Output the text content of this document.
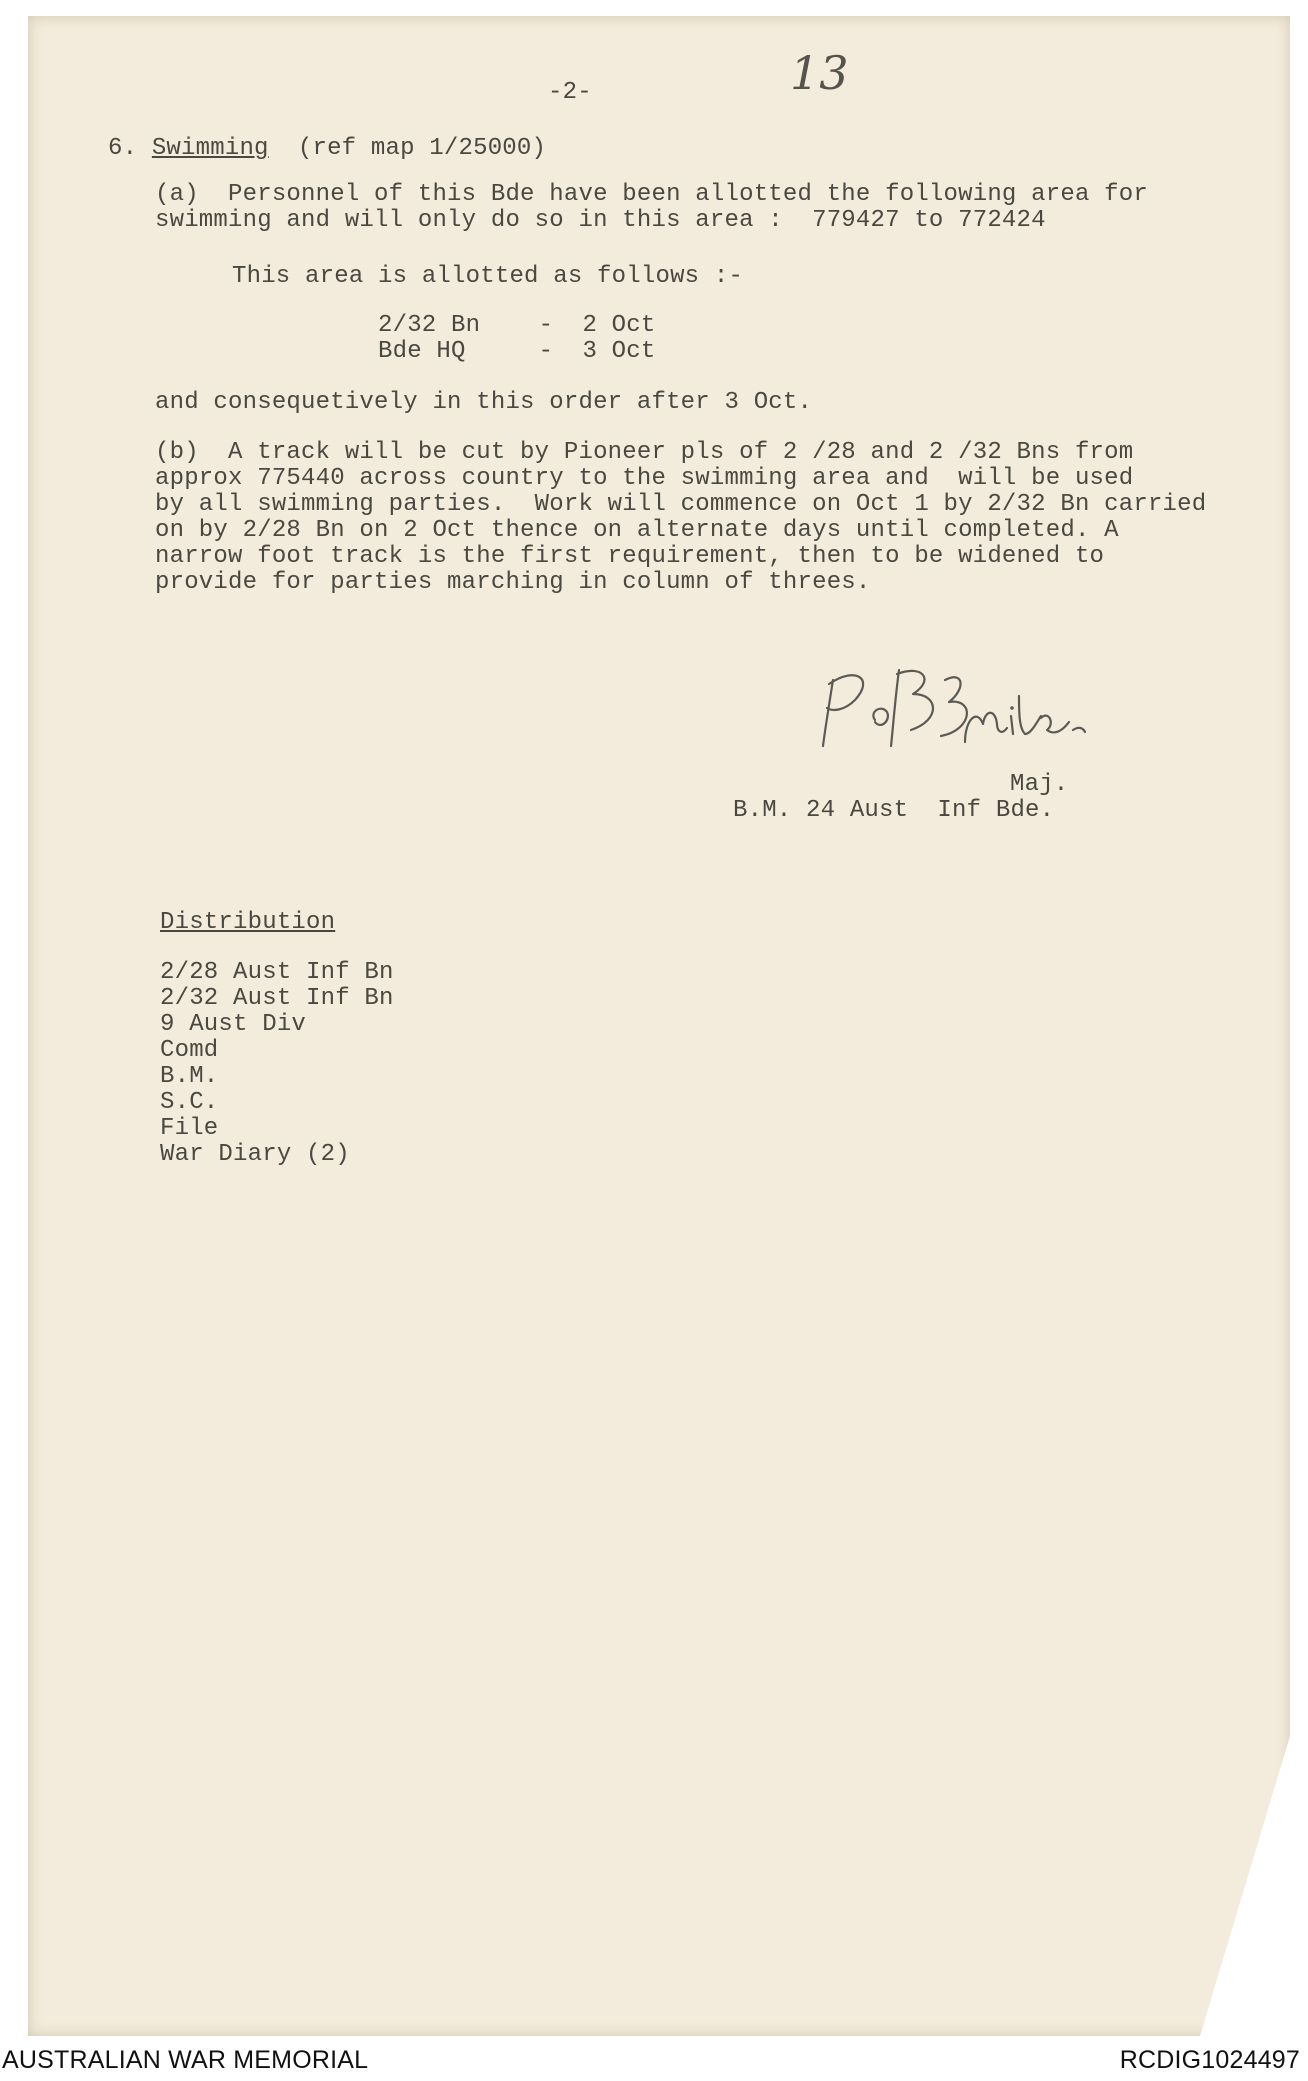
13
-2-
6. Swimming (ref map 1/25000)
(a)  Personnel of this Bde have been allotted the following area for
swimming and will only do so in this area :  779427 to 772424
This area is allotted as follows :-
2/32 Bn - 2 Oct
Bde HQ	- 3 Oct
and consequetively in this order after 3 Oct.
(b)  A track will be cut by Pioneer pls of 2 /28 and 2 /32 Bns from
approx 775440 across country to the swimming area and  will be used
by all swimming parties.  Work will commence on Oct 1 by 2/32 Bn carried
on by 2/28 Bn on 2 Oct thence on alternate days until completed. A
narrow foot track is the first requirement, then to be widened to
provide for parties marching in column of threes.
Maj.
B.M. 24 Aust  Inf Bde.
Distribution
2/28 Aust Inf Bn
2/32 Aust Inf Bn
9 Aust Div
Comd
B.M.
S.C.
File
War Diary (2)
AUSTRALIAN WAR MEMORIAL	RCDIG1024497
